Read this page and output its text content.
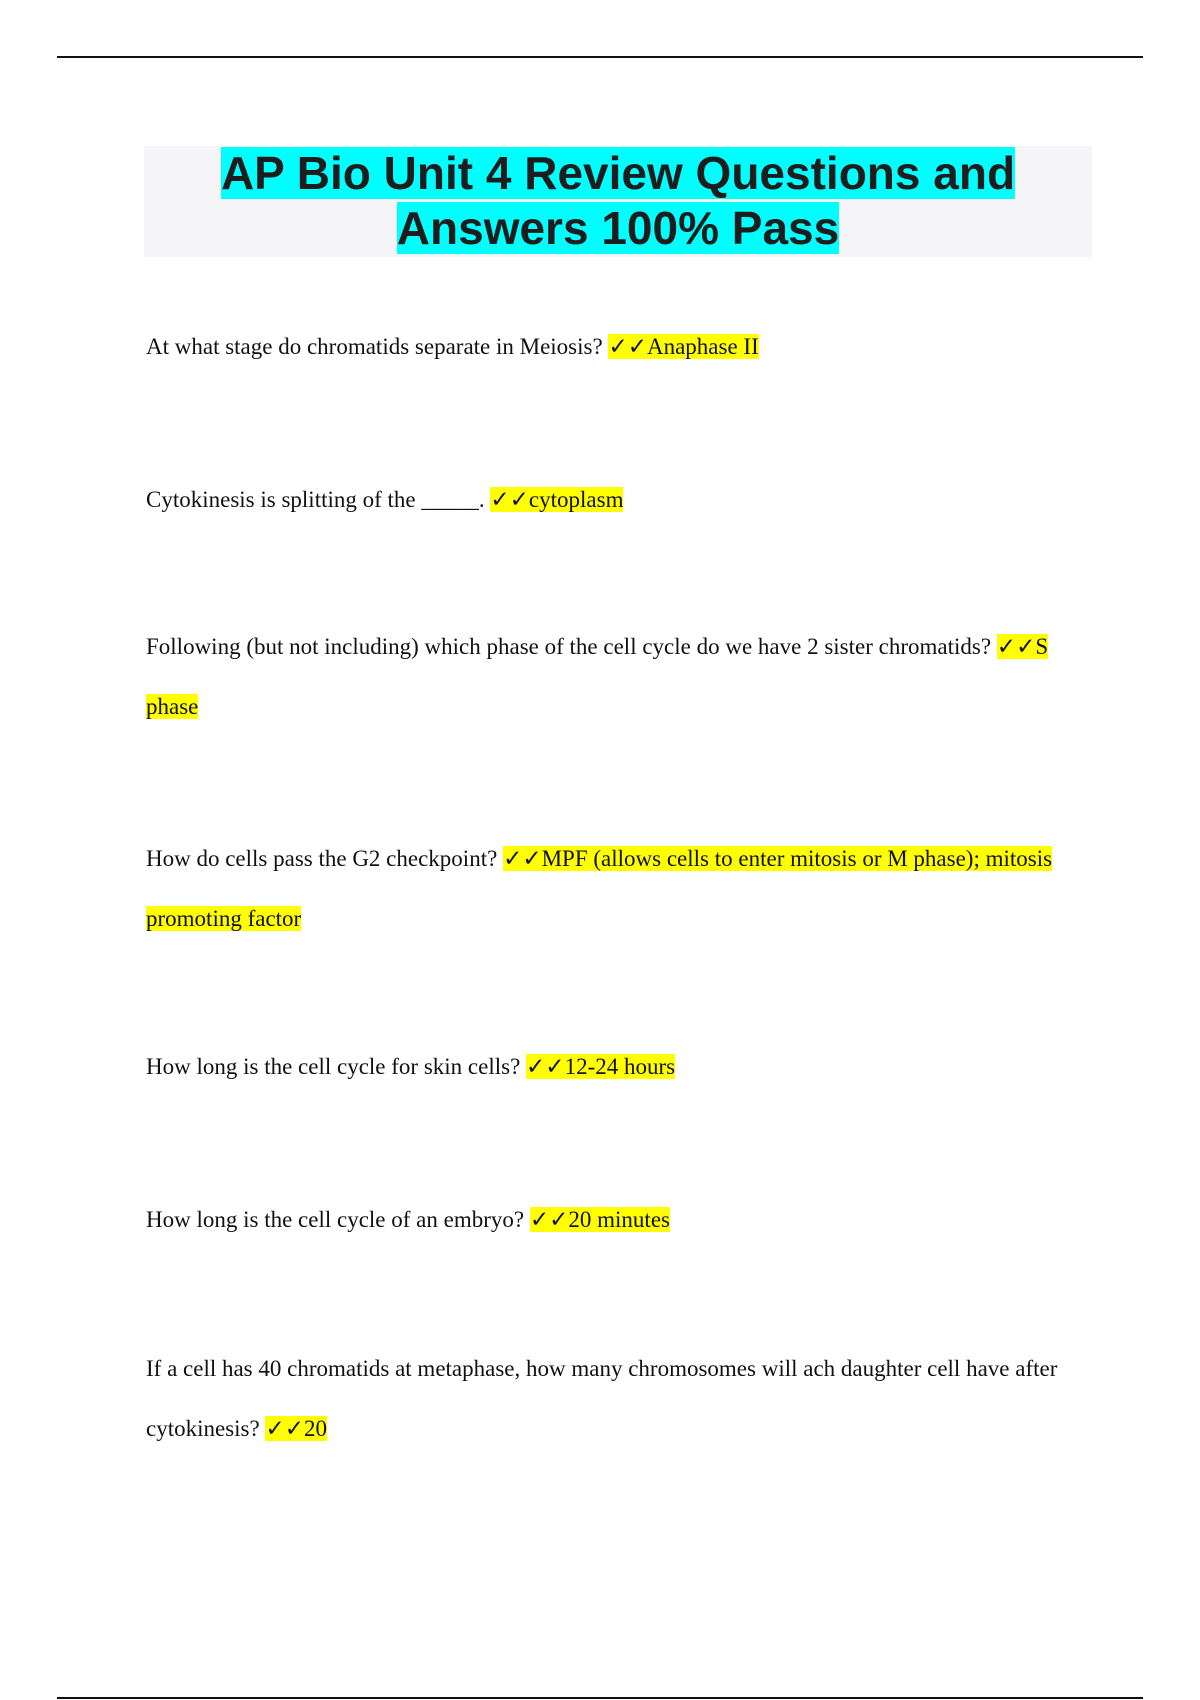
AP Bio Unit 4 Review Questions and Answers 100% Pass

At what stage do chromatids separate in Meiosis? ✓✓Anaphase II

Cytokinesis is splitting of the _____. ✓✓cytoplasm

Following (but not including) which phase of the cell cycle do we have 2 sister chromatids? ✓✓S phase

How do cells pass the G2 checkpoint? ✓✓MPF (allows cells to enter mitosis or M phase); mitosis promoting factor

How long is the cell cycle for skin cells? ✓✓12-24 hours

How long is the cell cycle of an embryo? ✓✓20 minutes

If a cell has 40 chromatids at metaphase, how many chromosomes will ach daughter cell have after cytokinesis? ✓✓20
